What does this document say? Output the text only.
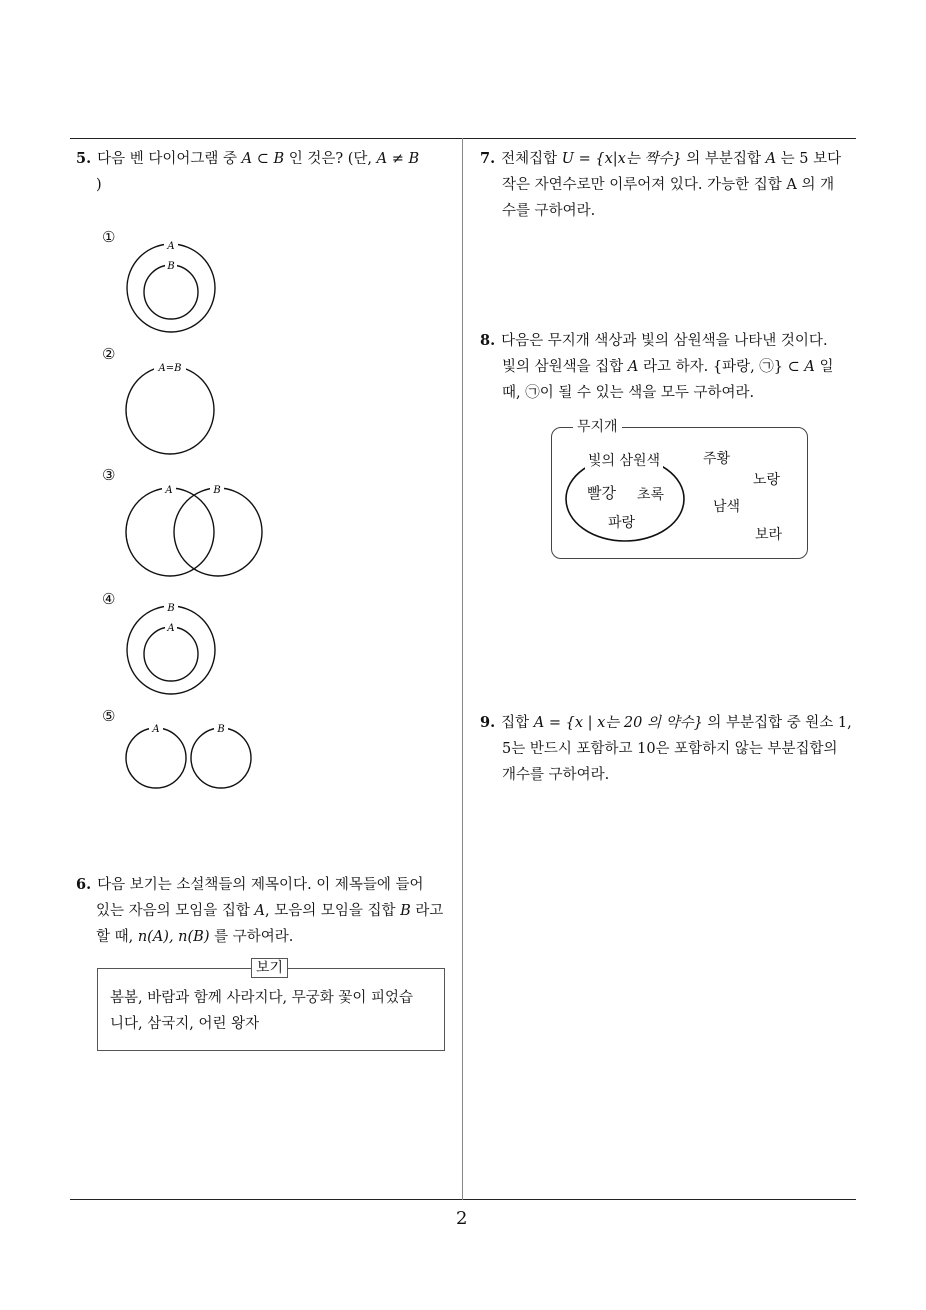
2
5. 다음 벤 다이어그램 중 A ⊂ B 인 것은? (단, A ≠ B
)
①
A
B
②
A=B
③
A	B
④
B
A
⑤
A	B
6. 다음 보기는 소설책들의 제목이다. 이 제목들에 들어
있는 자음의 모임을 집합 A, 모음의 모임을 집합 B 라고
할 때, n(A), n(B) 를 구하여라.
보기
봄봄, 바람과 함께 사라지다, 무궁화 꽃이 피었습
니다, 삼국지, 어린 왕자
7. 전체집합 U = {x|x는 짝수} 의 부분집합 A 는 5 보다
작은 자연수로만 이루어져 있다. 가능한 집합 A 의 개
수를 구하여라.
8. 다음은 무지개 색상과 빛의 삼원색을 나타낸 것이다.
빛의 삼원색을 집합 A 라고 하자. {파랑, ㉠} ⊂ A 일
때, ㉠이 될 수 있는 색을 모두 구하여라.
무지개
빛의 삼원색
빨강 초록
파랑
주황
노랑
남색
보라
9. 집합 A = {x | x는 20 의 약수} 의 부분집합 중 원소 1,
5는 반드시 포함하고 10은 포함하지 않는 부분집합의
개수를 구하여라.
